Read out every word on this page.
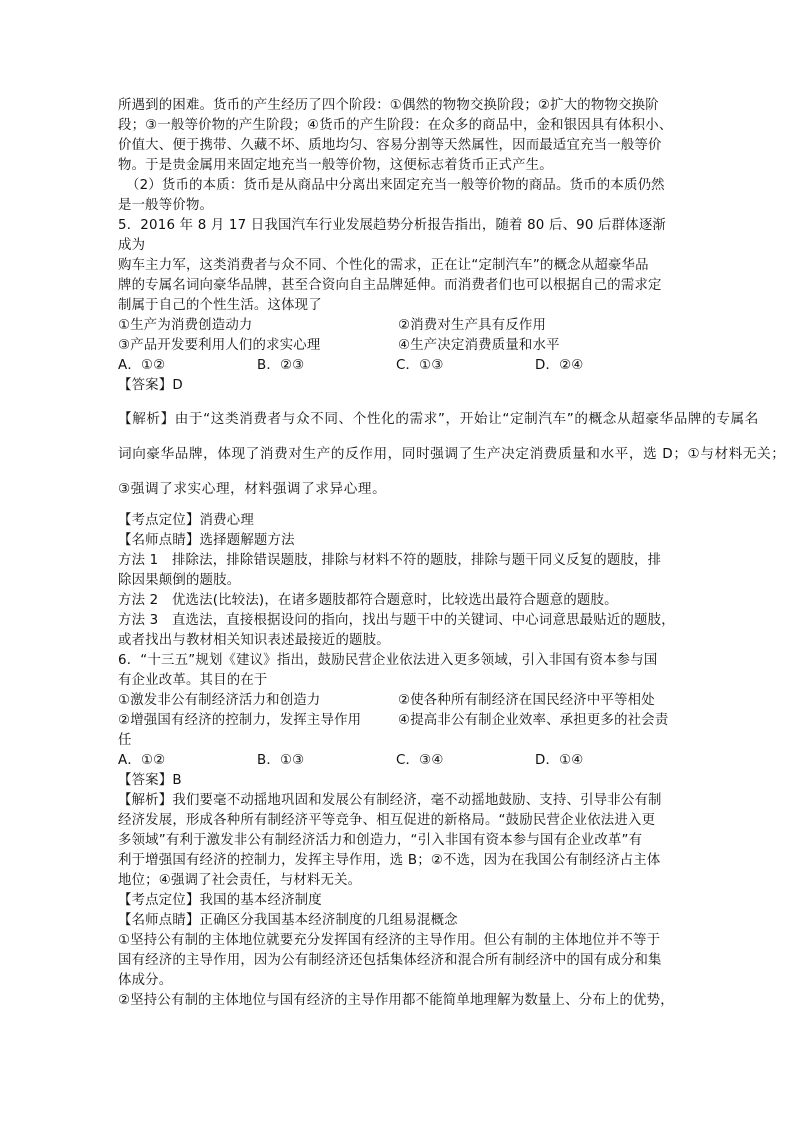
所遇到的困难。货币的产生经历了四个阶段：①偶然的物物交换阶段；②扩大的物物交换阶

段；③一般等价物的产生阶段；④货币的产生阶段：在众多的商品中，金和银因具有体积小、

价值大、便于携带、久藏不坏、质地均匀、容易分割等天然属性，因而最适宜充当一般等价

物。于是贵金属用来固定地充当一般等价物，这便标志着货币正式产生。

（2）货币的本质：货币是从商品中分离出来固定充当一般等价物的商品。货币的本质仍然

是一般等价物。

5．2016 年 8 月 17 日我国汽车行业发展趋势分析报告指出，随着 80 后、90 后群体逐渐成为

购车主力军，这类消费者与众不同、个性化的需求，正在让“定制汽车”的概念从超豪华品

牌的专属名词向豪华品牌，甚至合资向自主品牌延伸。而消费者们也可以根据自己的需求定

制属于自己的个性生活。这体现了

①生产为消费创造动力	②消费对生产具有反作用

③产品开发要利用人们的求实心理	④生产决定消费质量和水平

A．①②	B．②③	C．①③	D．②④

【答案】D

【解析】由于“这类消费者与众不同、个性化的需求”，开始让“定制汽车”的概念从超豪华品牌的专属名

词向豪华品牌，体现了消费对生产的反作用，同时强调了生产决定消费质量和水平，选 D；①与材料无关；

③强调了求实心理，材料强调了求异心理。

【考点定位】消费心理

【名师点睛】选择题解题方法

方法 1　排除法，排除错误题肢，排除与材料不符的题肢，排除与题干同义反复的题肢，排

除因果颠倒的题肢。

方法 2　优选法(比较法)，在诸多题肢都符合题意时，比较选出最符合题意的题肢。

方法 3　直选法，直接根据设问的指向，找出与题干中的关键词、中心词意思最贴近的题肢，

或者找出与教材相关知识表述最接近的题肢。

6．“十三五”规划《建议》指出，鼓励民营企业依法进入更多领域，引入非国有资本参与国

有企业改革。其目的在于

①激发非公有制经济活力和创造力	②使各种所有制经济在国民经济中平等相处

②增强国有经济的控制力，发挥主导作用	④提高非公有制企业效率、承担更多的社会责

任

A．①②	B．①③	C．③④	D．①④

【答案】B

【解析】我们要毫不动摇地巩固和发展公有制经济，毫不动摇地鼓励、支持、引导非公有制

经济发展，形成各种所有制经济平等竞争、相互促进的新格局。“鼓励民营企业依法进入更

多领域”有利于激发非公有制经济活力和创造力，“引入非国有资本参与国有企业改革”有

利于增强国有经济的控制力，发挥主导作用，选 B；②不选，因为在我国公有制经济占主体

地位；④强调了社会责任，与材料无关。

【考点定位】我国的基本经济制度

【名师点睛】正确区分我国基本经济制度的几组易混概念

①坚持公有制的主体地位就要充分发挥国有经济的主导作用。但公有制的主体地位并不等于

国有经济的主导作用，因为公有制经济还包括集体经济和混合所有制经济中的国有成分和集

体成分。

②坚持公有制的主体地位与国有经济的主导作用都不能简单地理解为数量上、分布上的优势，
